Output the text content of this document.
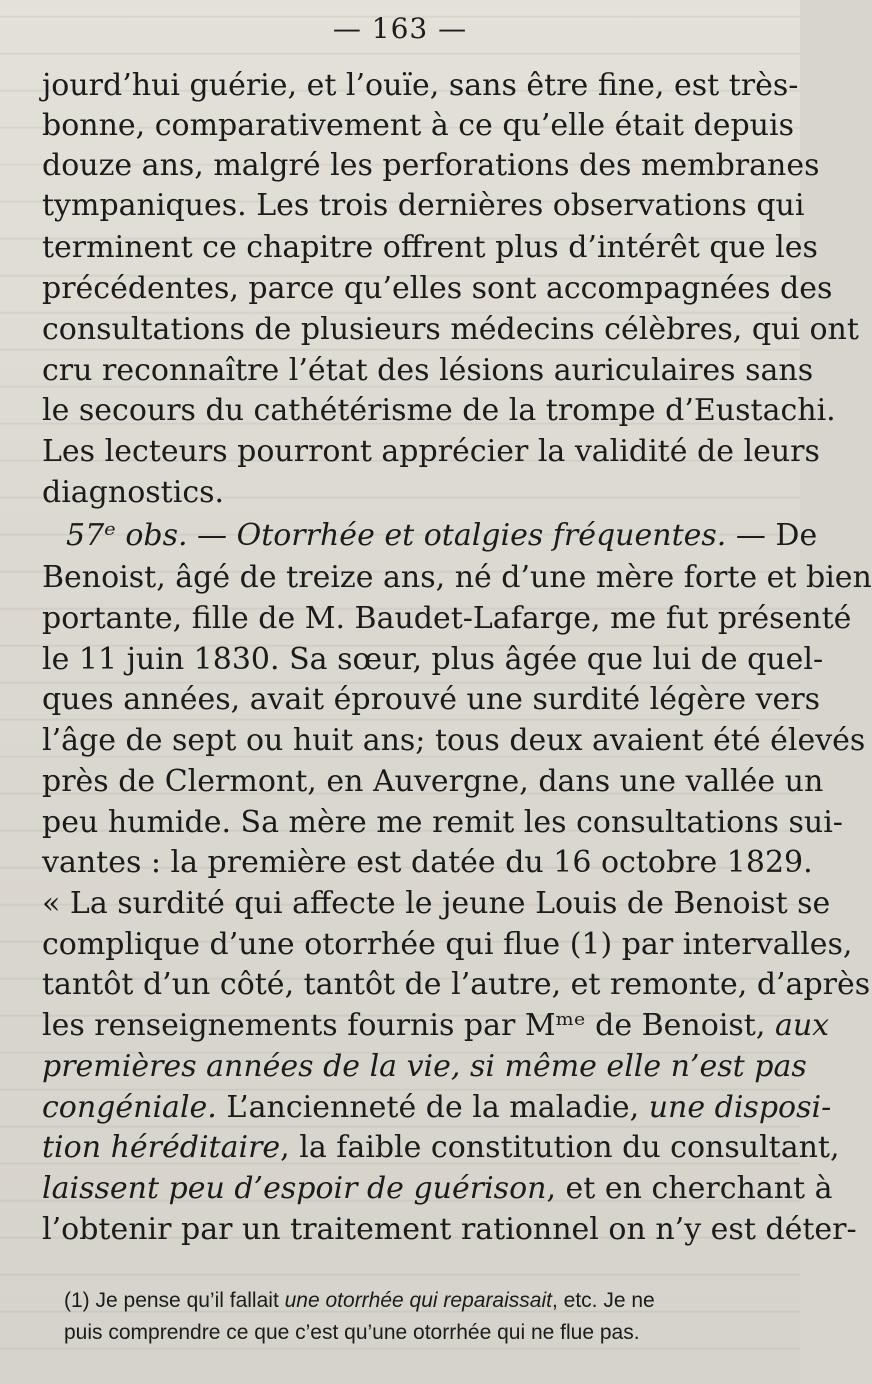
— 163 —
jourd’hui guérie, et l’ouïe, sans être fine, est très-
bonne, comparativement à ce qu’elle était depuis
douze ans, malgré les perforations des membranes
tympaniques. Les trois dernières observations qui
terminent ce chapitre offrent plus d’intérêt que les
précédentes, parce qu’elles sont accompagnées des
consultations de plusieurs médecins célèbres, qui ont
cru reconnaître l’état des lésions auriculaires sans
le secours du cathétérisme de la trompe d’Eustachi.
Les lecteurs pourront apprécier la validité de leurs
diagnostics.
57ᵉ obs. — Otorrhée et otalgies fréquentes. — De
Benoist, âgé de treize ans, né d’une mère forte et bien
portante, fille de M. Baudet-Lafarge, me fut présenté
le 11 juin 1830. Sa sœur, plus âgée que lui de quel-
ques années, avait éprouvé une surdité légère vers
l’âge de sept ou huit ans; tous deux avaient été élevés
près de Clermont, en Auvergne, dans une vallée un
peu humide. Sa mère me remit les consultations sui-
vantes : la première est datée du 16 octobre 1829.
« La surdité qui affecte le jeune Louis de Benoist se
complique d’une otorrhée qui flue (1) par intervalles,
tantôt d’un côté, tantôt de l’autre, et remonte, d’après
les renseignements fournis par Mᵐᵉ de Benoist, aux
premières années de la vie, si même elle n’est pas
congéniale. L’ancienneté de la maladie, une disposi-
tion héréditaire, la faible constitution du consultant,
laissent peu d’espoir de guérison, et en cherchant à
l’obtenir par un traitement rationnel on n’y est déter-
(1) Je pense qu’il fallait une otorrhée qui reparaissait, etc. Je ne
puis comprendre ce que c’est qu’une otorrhée qui ne flue pas.
